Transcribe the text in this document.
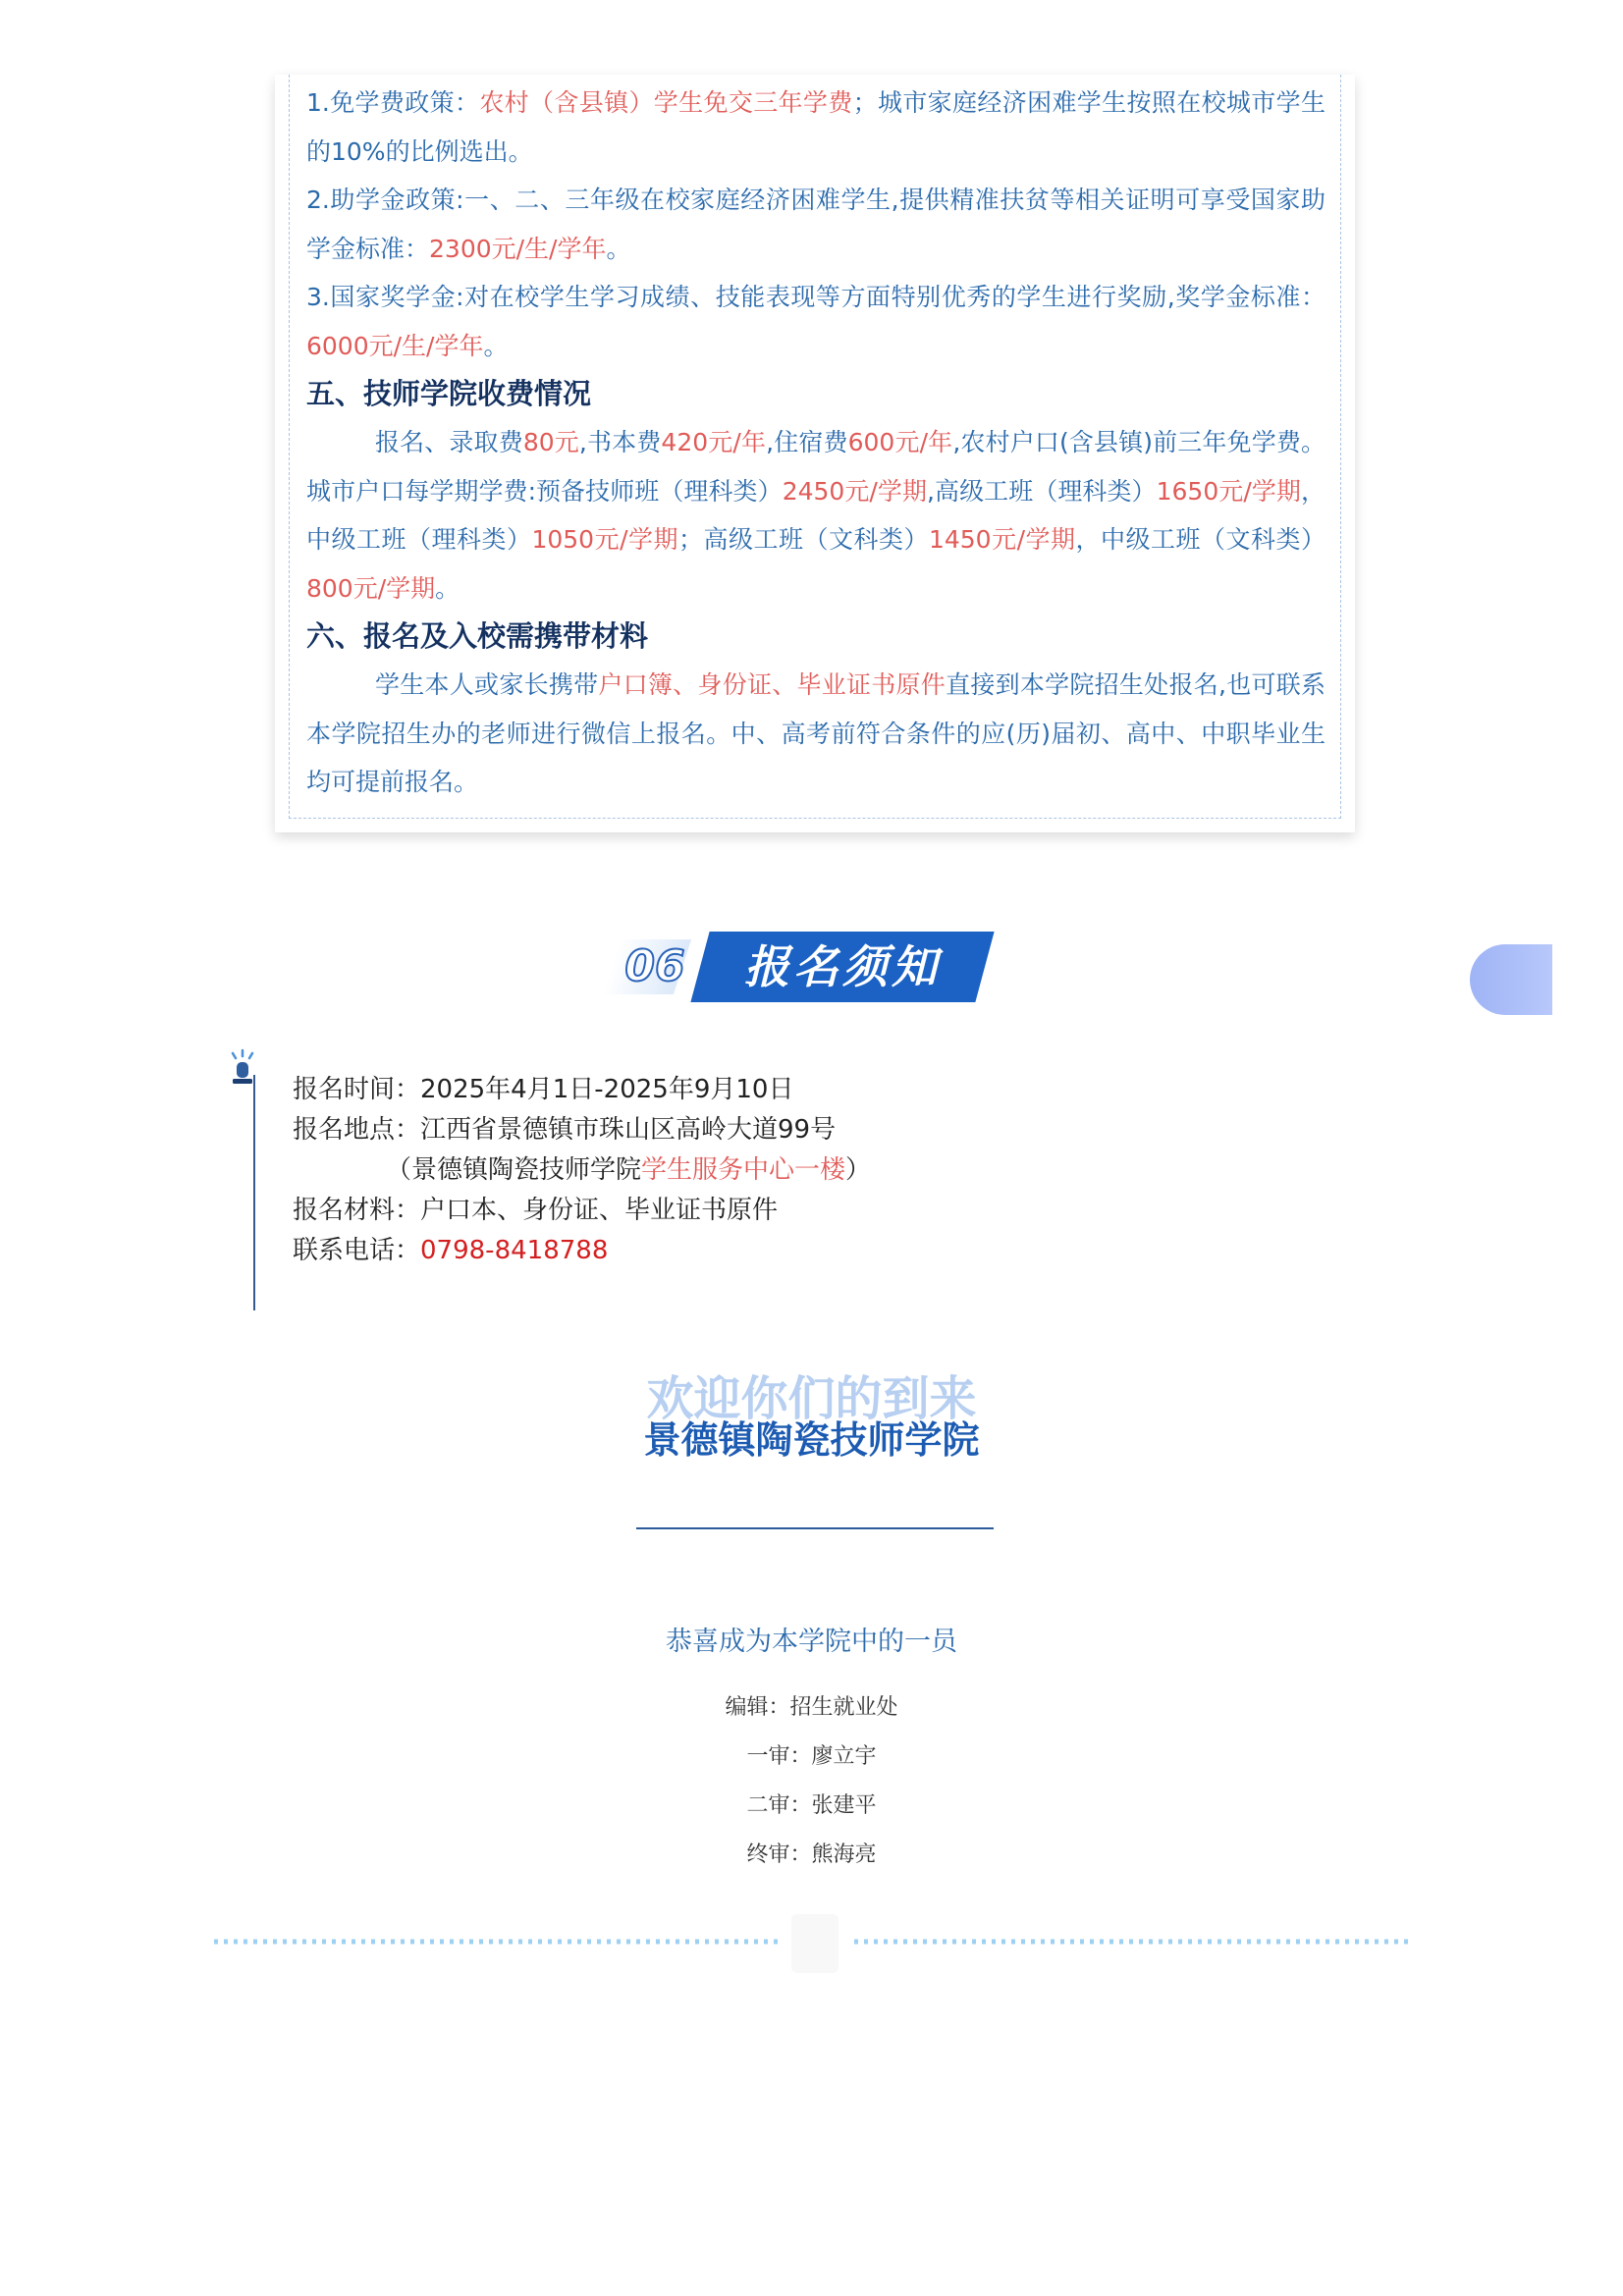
1.免学费政策：农村（含县镇）学生免交三年学费；城市家庭经济困难学生按照在校城市学生的10%的比例选出。
2.助学金政策:一、二、三年级在校家庭经济困难学生,提供精准扶贫等相关证明可享受国家助学金标准：2300元/生/学年。
3.国家奖学金:对在校学生学习成绩、技能表现等方面特别优秀的学生进行奖励,奖学金标准：6000元/生/学年。
五、技师学院收费情况
报名、录取费80元,书本费420元/年,住宿费600元/年,农村户口(含县镇)前三年免学费。城市户口每学期学费:预备技师班（理科类）2450元/学期,高级工班（理科类）1650元/学期，中级工班（理科类）1050元/学期；高级工班（文科类）1450元/学期，中级工班（文科类）800元/学期。
六、报名及入校需携带材料
学生本人或家长携带户口簿、身份证、毕业证书原件直接到本学院招生处报名,也可联系本学院招生办的老师进行微信上报名。中、高考前符合条件的应(历)届初、高中、中职毕业生均可提前报名。
06	报名须知
报名时间：2025年4月1日-2025年9月10日
报名地点：江西省景德镇市珠山区高岭大道99号
（景德镇陶瓷技师学院学生服务中心一楼）
报名材料：户口本、身份证、毕业证书原件
联系电话：0798-8418788
欢迎你们的到来
景德镇陶瓷技师学院
恭喜成为本学院中的一员
编辑：招生就业处
一审：廖立宇
二审：张建平
终审：熊海亮
